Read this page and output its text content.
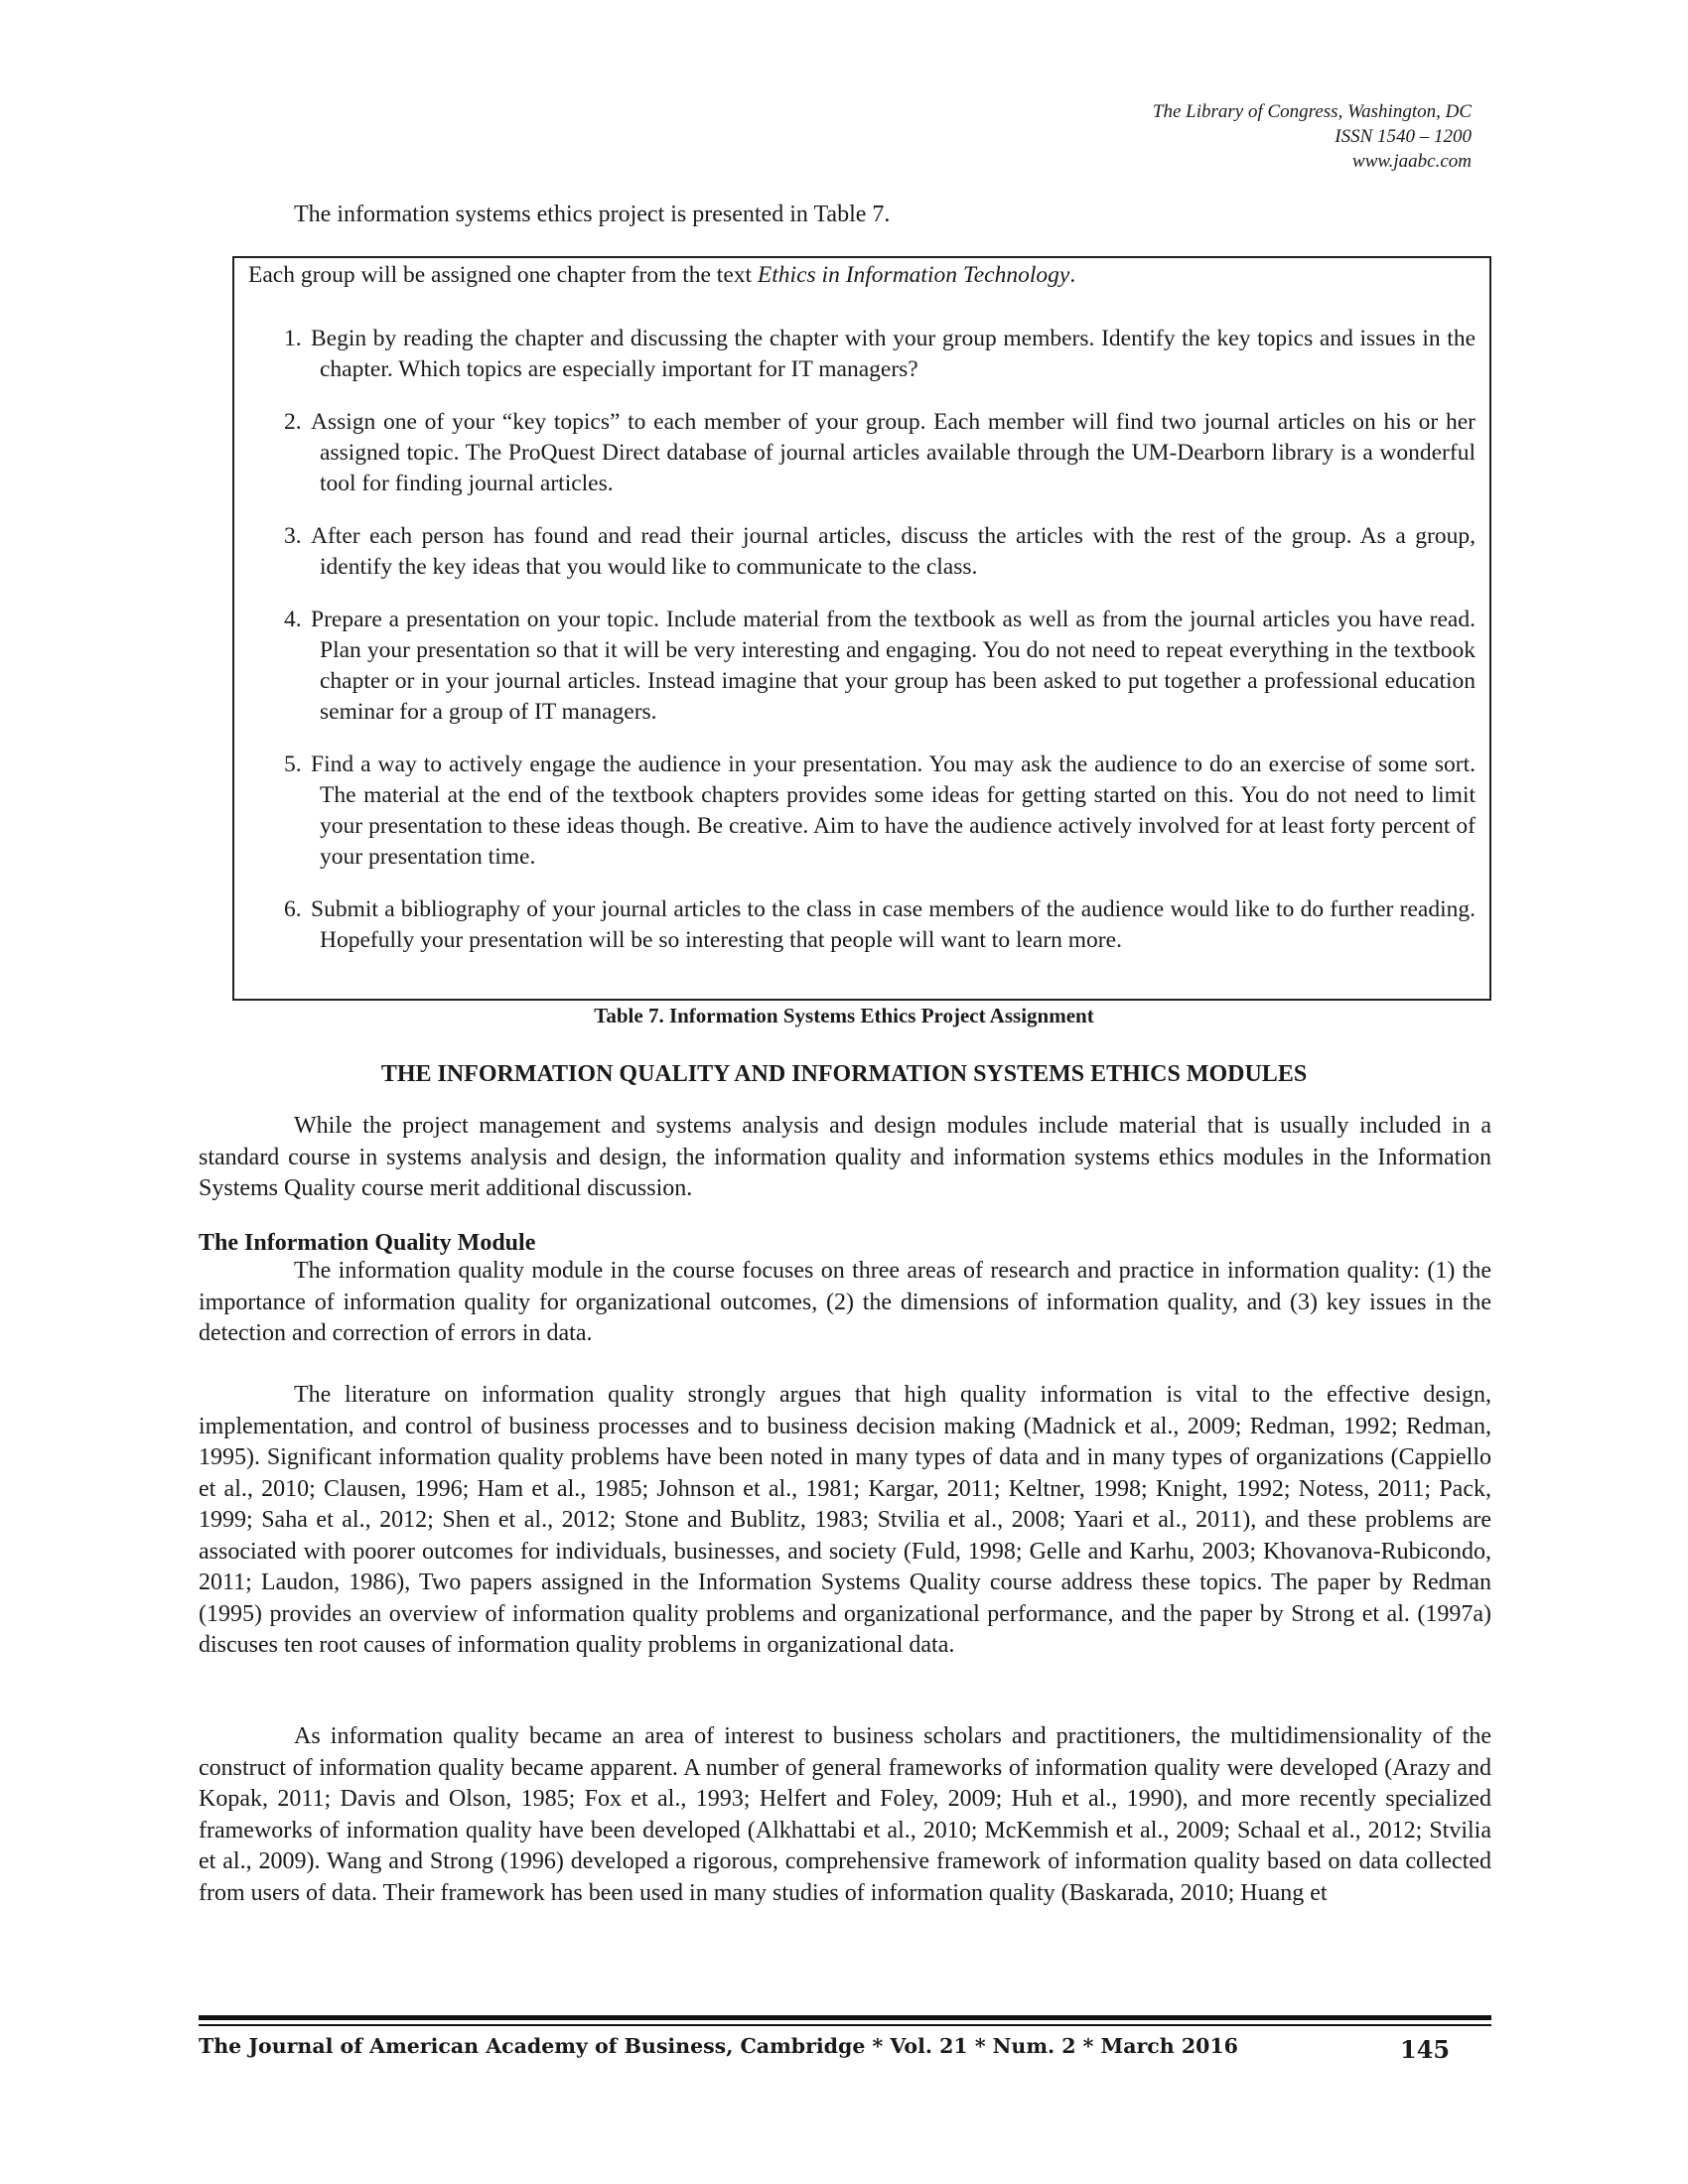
The Library of Congress, Washington, DC
ISSN 1540 – 1200
www.jaabc.com
The information systems ethics project is presented in Table 7.
Each group will be assigned one chapter from the text Ethics in Information Technology.
1. Begin by reading the chapter and discussing the chapter with your group members. Identify the key topics and issues in the chapter. Which topics are especially important for IT managers?
2. Assign one of your “key topics” to each member of your group. Each member will find two journal articles on his or her assigned topic. The ProQuest Direct database of journal articles available through the UM-Dearborn library is a wonderful tool for finding journal articles.
3. After each person has found and read their journal articles, discuss the articles with the rest of the group. As a group, identify the key ideas that you would like to communicate to the class.
4. Prepare a presentation on your topic. Include material from the textbook as well as from the journal articles you have read. Plan your presentation so that it will be very interesting and engaging. You do not need to repeat everything in the textbook chapter or in your journal articles. Instead imagine that your group has been asked to put together a professional education seminar for a group of IT managers.
5. Find a way to actively engage the audience in your presentation. You may ask the audience to do an exercise of some sort. The material at the end of the textbook chapters provides some ideas for getting started on this. You do not need to limit your presentation to these ideas though. Be creative. Aim to have the audience actively involved for at least forty percent of your presentation time.
6. Submit a bibliography of your journal articles to the class in case members of the audience would like to do further reading. Hopefully your presentation will be so interesting that people will want to learn more.
Table 7. Information Systems Ethics Project Assignment
THE INFORMATION QUALITY AND INFORMATION SYSTEMS ETHICS MODULES

While the project management and systems analysis and design modules include material that is usually included in a standard course in systems analysis and design, the information quality and information systems ethics modules in the Information Systems Quality course merit additional discussion.

The Information Quality Module

The information quality module in the course focuses on three areas of research and practice in information quality: (1) the importance of information quality for organizational outcomes, (2) the dimensions of information quality, and (3) key issues in the detection and correction of errors in data.

The literature on information quality strongly argues that high quality information is vital to the effective design, implementation, and control of business processes and to business decision making (Madnick et al., 2009; Redman, 1992; Redman, 1995). Significant information quality problems have been noted in many types of data and in many types of organizations (Cappiello et al., 2010; Clausen, 1996; Ham et al., 1985; Johnson et al., 1981; Kargar, 2011; Keltner, 1998; Knight, 1992; Notess, 2011; Pack, 1999; Saha et al., 2012; Shen et al., 2012; Stone and Bublitz, 1983; Stvilia et al., 2008; Yaari et al., 2011), and these problems are associated with poorer outcomes for individuals, businesses, and society (Fuld, 1998; Gelle and Karhu, 2003; Khovanova-Rubicondo, 2011; Laudon, 1986), Two papers assigned in the Information Systems Quality course address these topics. The paper by Redman (1995) provides an overview of information quality problems and organizational performance, and the paper by Strong et al. (1997a) discuses ten root causes of information quality problems in organizational data.

As information quality became an area of interest to business scholars and practitioners, the multidimensionality of the construct of information quality became apparent. A number of general frameworks of information quality were developed (Arazy and Kopak, 2011; Davis and Olson, 1985; Fox et al., 1993; Helfert and Foley, 2009; Huh et al., 1990), and more recently specialized frameworks of information quality have been developed (Alkhattabi et al., 2010; McKemmish et al., 2009; Schaal et al., 2012; Stvilia et al., 2009). Wang and Strong (1996) developed a rigorous, comprehensive framework of information quality based on data collected from users of data. Their framework has been used in many studies of information quality (Baskarada, 2010; Huang et

The Journal of American Academy of Business, Cambridge * Vol. 21 * Num. 2 * March 2016	145
